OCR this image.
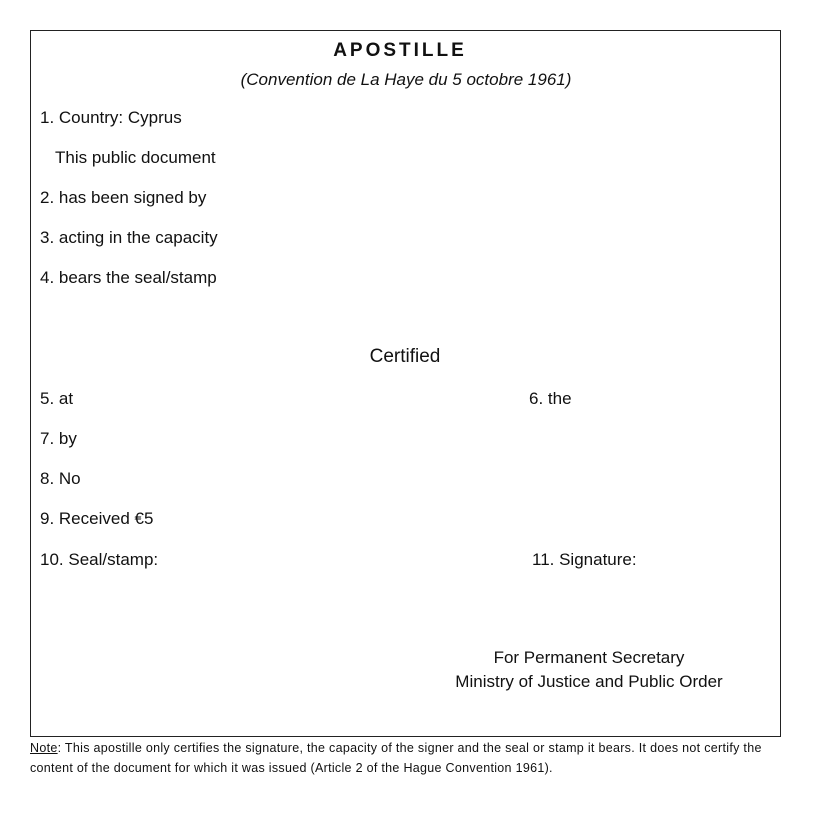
APOSTILLE
(Convention de La Haye du 5 octobre 1961)
1. Country: Cyprus
This public document
2. has been signed by
3. acting in the capacity
4. bears the seal/stamp
Certified
5. at	6. the
7. by
8. No
9. Received €5
10. Seal/stamp:	11. Signature:
For Permanent Secretary
Ministry of Justice and Public Order
Note: This apostille only certifies the signature, the capacity of the signer and the seal or stamp it bears. It does not certify the content of the document for which it was issued (Article 2 of the Hague Convention 1961).
